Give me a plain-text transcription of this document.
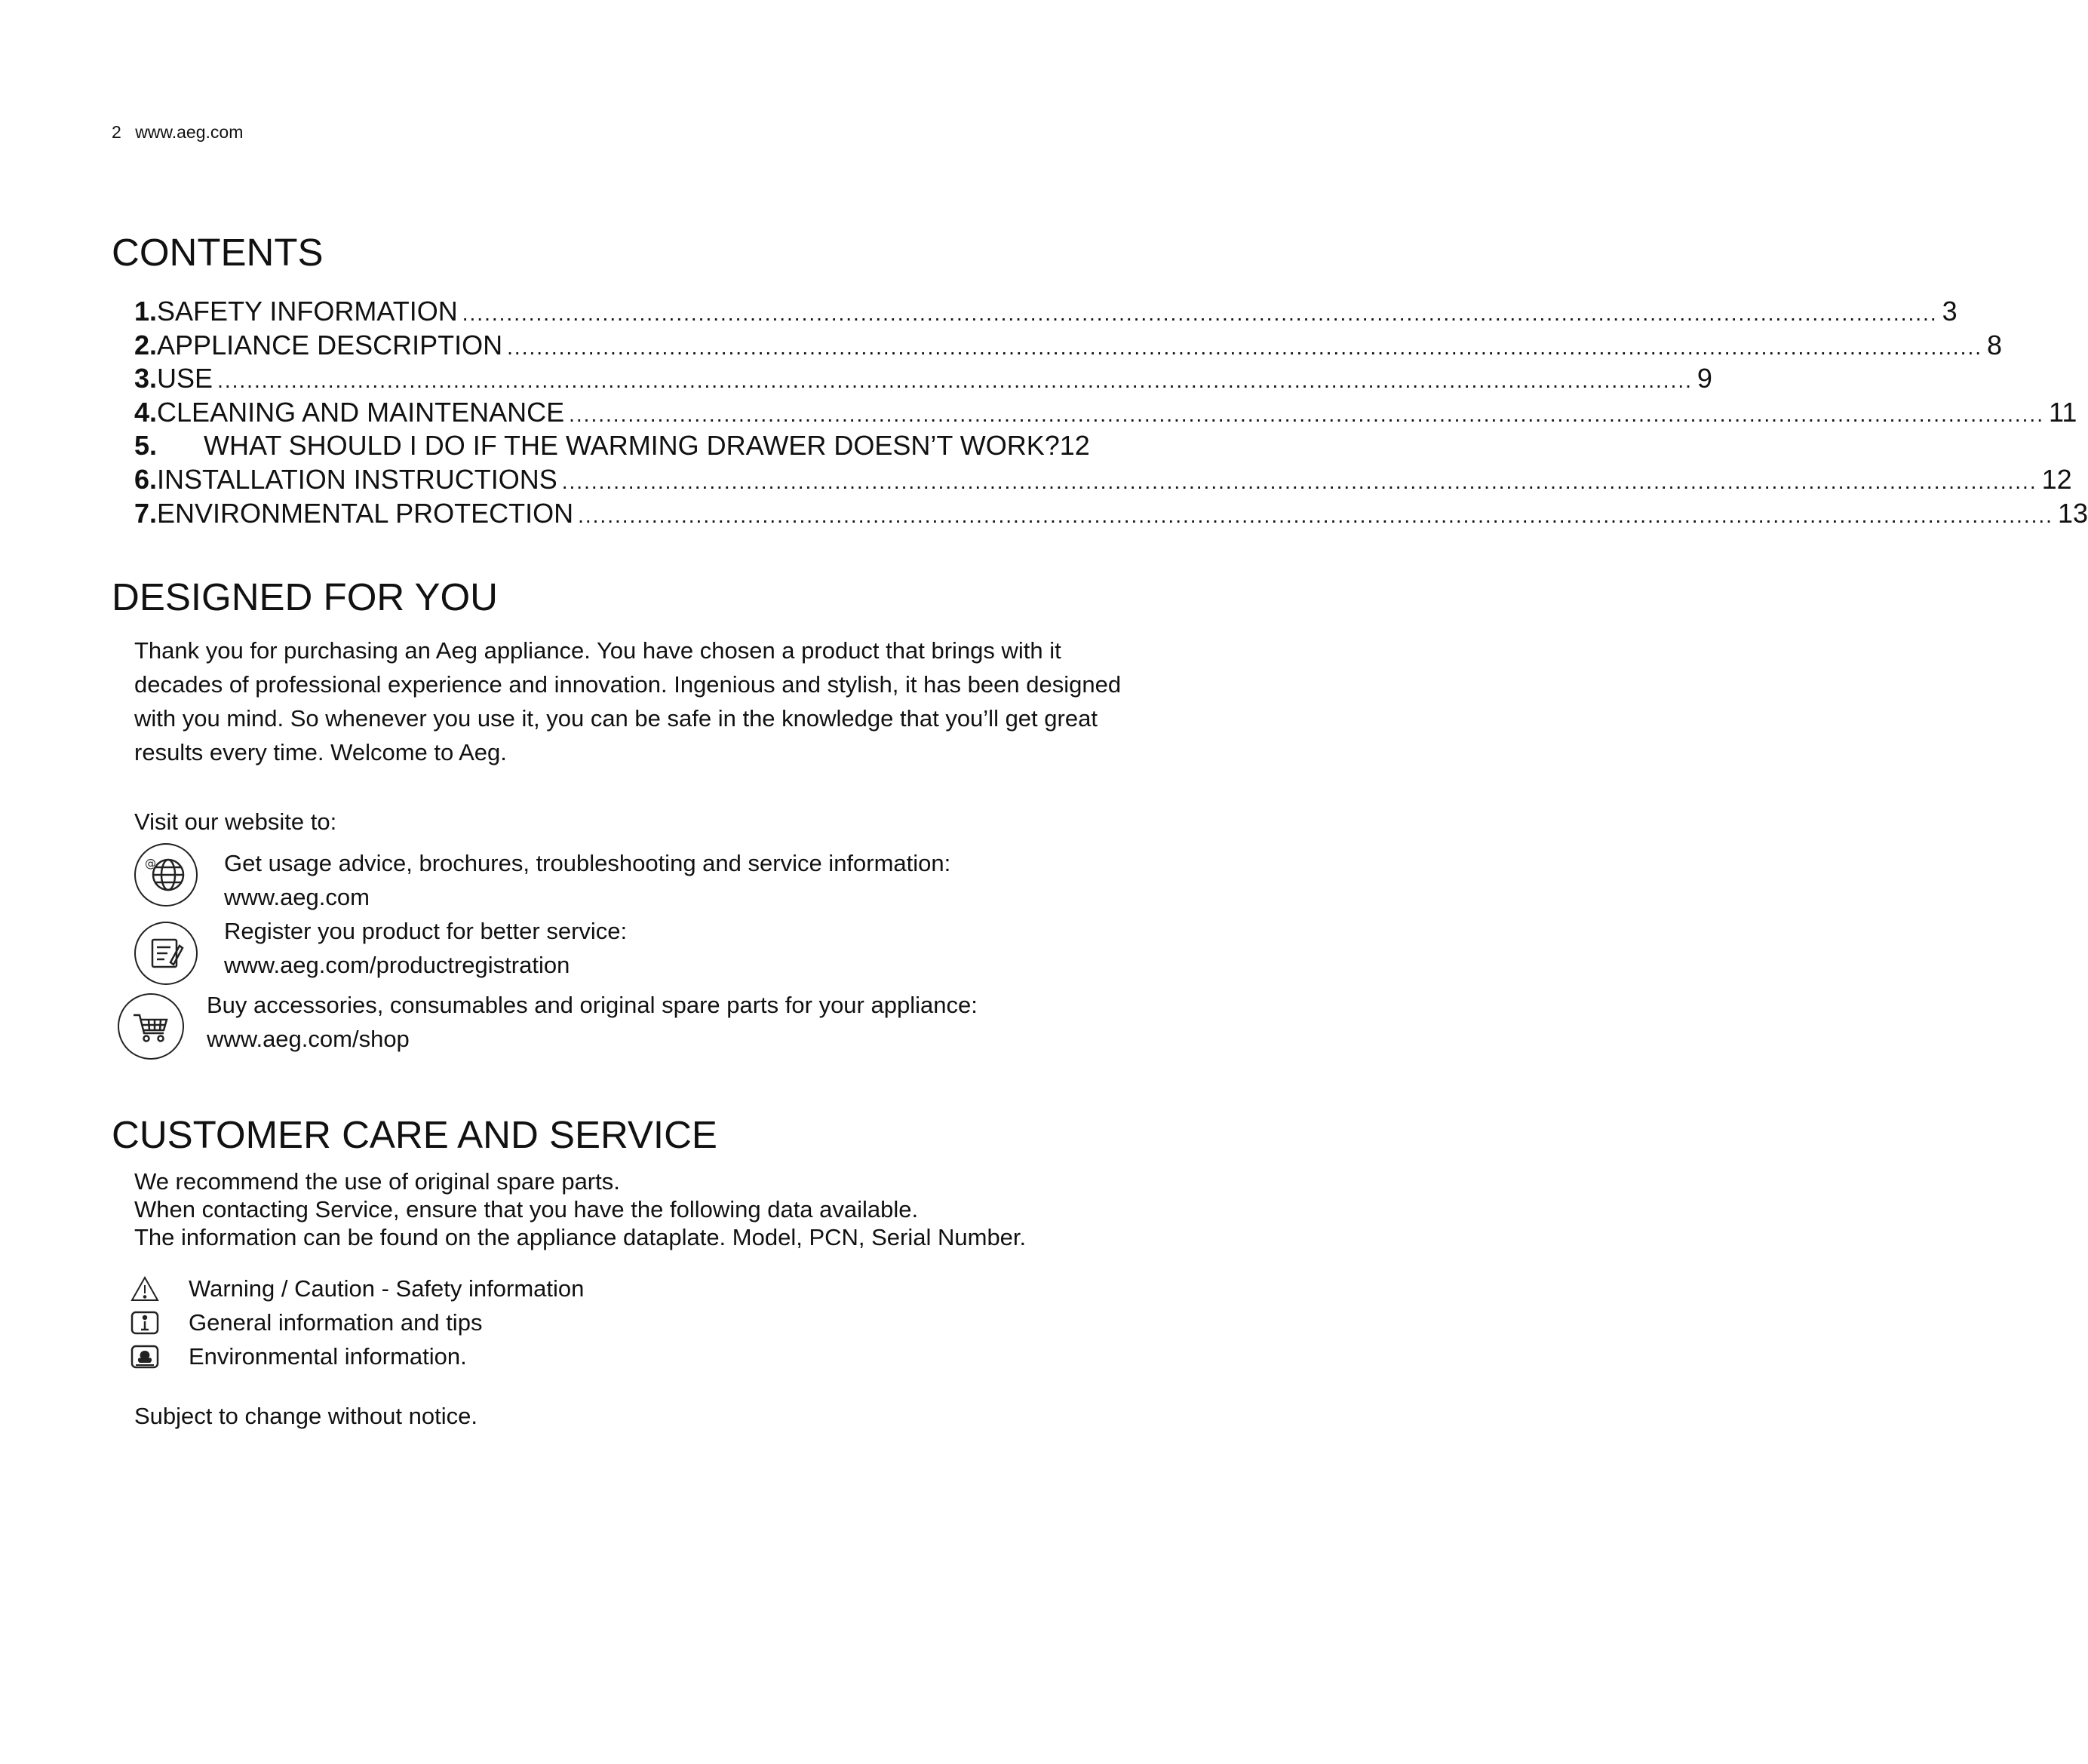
2 www.aeg.com
CONTENTS
1. SAFETY INFORMATION ........................................................................................................................................................................................................ 3
2. APPLIANCE DESCRIPTION ........................................................................................................................................................................................................ 8
3. USE ........................................................................................................................................................................................................ 9
4. CLEANING AND MAINTENANCE ........................................................................................................................................................................................................ 11
5.	WHAT SHOULD I DO IF THE WARMING DRAWER DOESN’T WORK? 12
6. INSTALLATION INSTRUCTIONS ........................................................................................................................................................................................................ 12
7. ENVIRONMENTAL PROTECTION ........................................................................................................................................................................................................ 13
DESIGNED FOR YOU

Thank you for purchasing an Aeg appliance. You have chosen a product that brings with it decades of professional experience and innovation. Ingenious and stylish, it has been designed with you mind. So whenever you use it, you can be safe in the knowledge that you’ll get great results every time. Welcome to Aeg.

Visit our website to:
@	Get usage advice, brochures, troubleshooting and service information:
www.aeg.com
Register you product for better service:
www.aeg.com/productregistration
Buy accessories, consumables and original spare parts for your appliance:
www.aeg.com/shop
CUSTOMER CARE AND SERVICE
We recommend the use of original spare parts.
When contacting Service, ensure that you have the following data available.
The information can be found on the appliance dataplate. Model, PCN, Serial Number.
Warning / Caution - Safety information
General information and tips
Environmental information.
Subject to change without notice.
